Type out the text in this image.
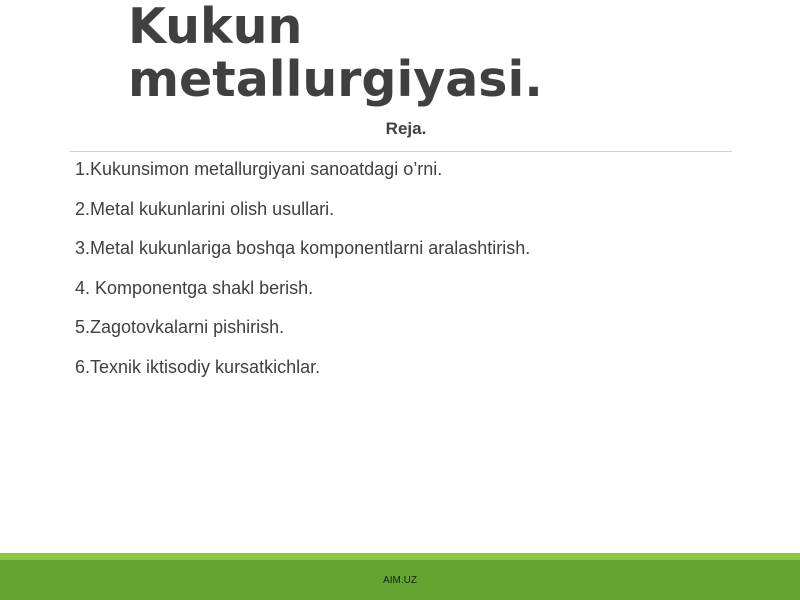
Kukun
metallurgiyasi.
Reja.
1.Kukunsimon metallurgiyani sanoatdagi o’rni.
2.Metal kukunlarini olish usullari.
3.Metal kukunlariga boshqa komponentlarni aralashtirish.
4. Komponentga shakl berish.
5.Zagotovkalarni pishirish.
6.Texnik iktisodiy kursatkichlar.
AIM.UZ
